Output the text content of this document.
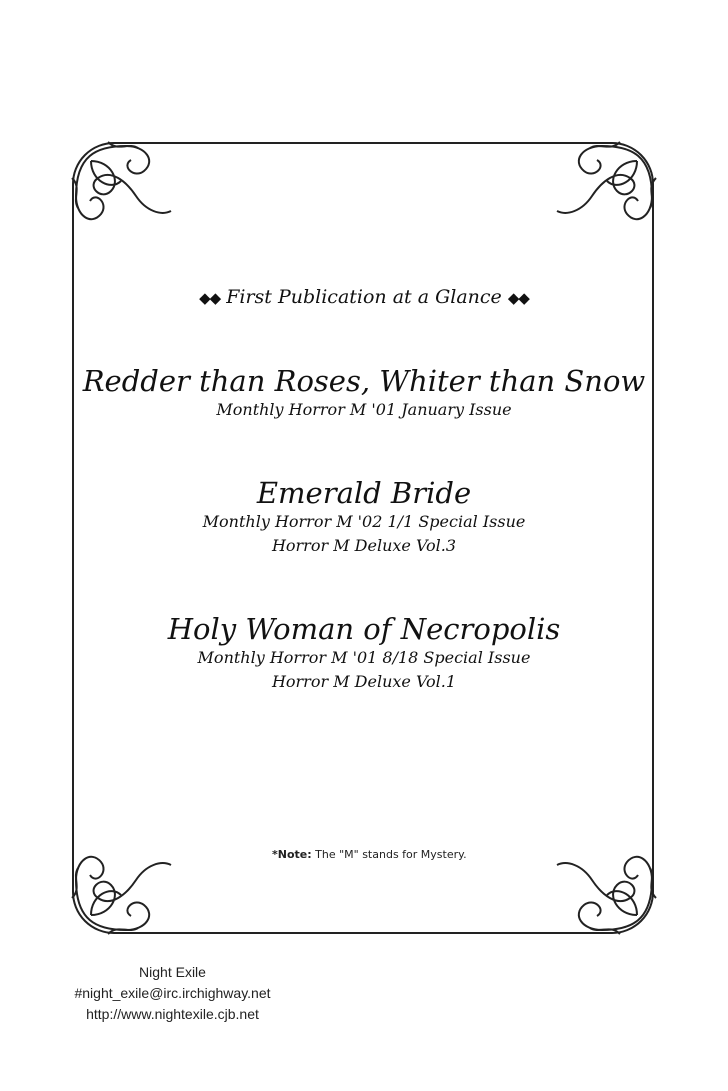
◆◆ First Publication at a Glance ◆◆
Redder than Roses, Whiter than Snow
Monthly Horror M '01 January Issue
Emerald Bride
Monthly Horror M '02 1/1 Special Issue
Horror M Deluxe Vol.3
Holy Woman of Necropolis
Monthly Horror M '01 8/18 Special Issue
Horror M Deluxe Vol.1
*Note: The "M" stands for Mystery.
Night Exile
#night_exile@irc.irchighway.net
http://www.nightexile.cjb.net
